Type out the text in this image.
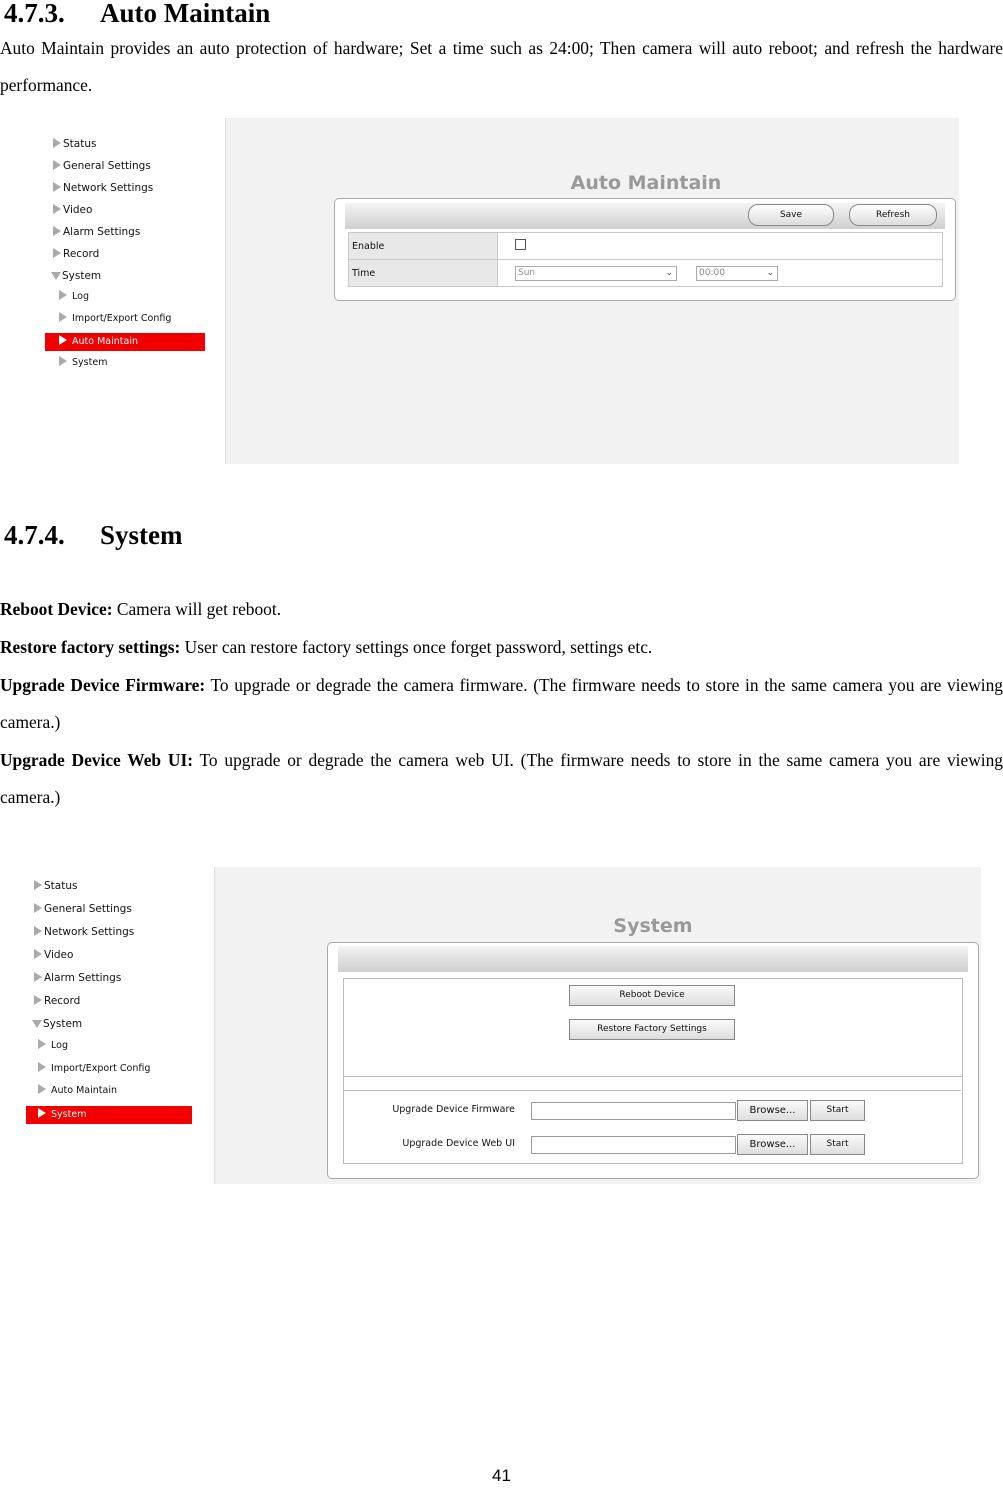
4.7.3. Auto Maintain

Auto Maintain provides an auto protection of hardware; Set a time such as 24:00; Then camera will auto reboot; and refresh the hardware performance.

Status
General Settings
Network Settings
Video
Alarm Settings
Record
System
Log
Import/Export Config
Auto Maintain
System
Auto Maintain
Save	Refresh
Enable	
Time	Sun ⌄ 00:00 ⌄
4.7.4. System

Reboot Device: Camera will get reboot.

Restore factory settings: User can restore factory settings once forget password, settings etc.

Upgrade Device Firmware: To upgrade or degrade the camera firmware. (The firmware needs to store in the same camera you are viewing camera.)

Upgrade Device Web UI: To upgrade or degrade the camera web UI. (The firmware needs to store in the same camera you are viewing camera.)

Status
General Settings
Network Settings
Video
Alarm Settings
Record
System
Log
Import/Export Config
Auto Maintain
System
System
Reboot Device
Restore Factory Settings
Upgrade Device Firmware	Browse...	Start
Upgrade Device Web UI	Browse...	Start
41
